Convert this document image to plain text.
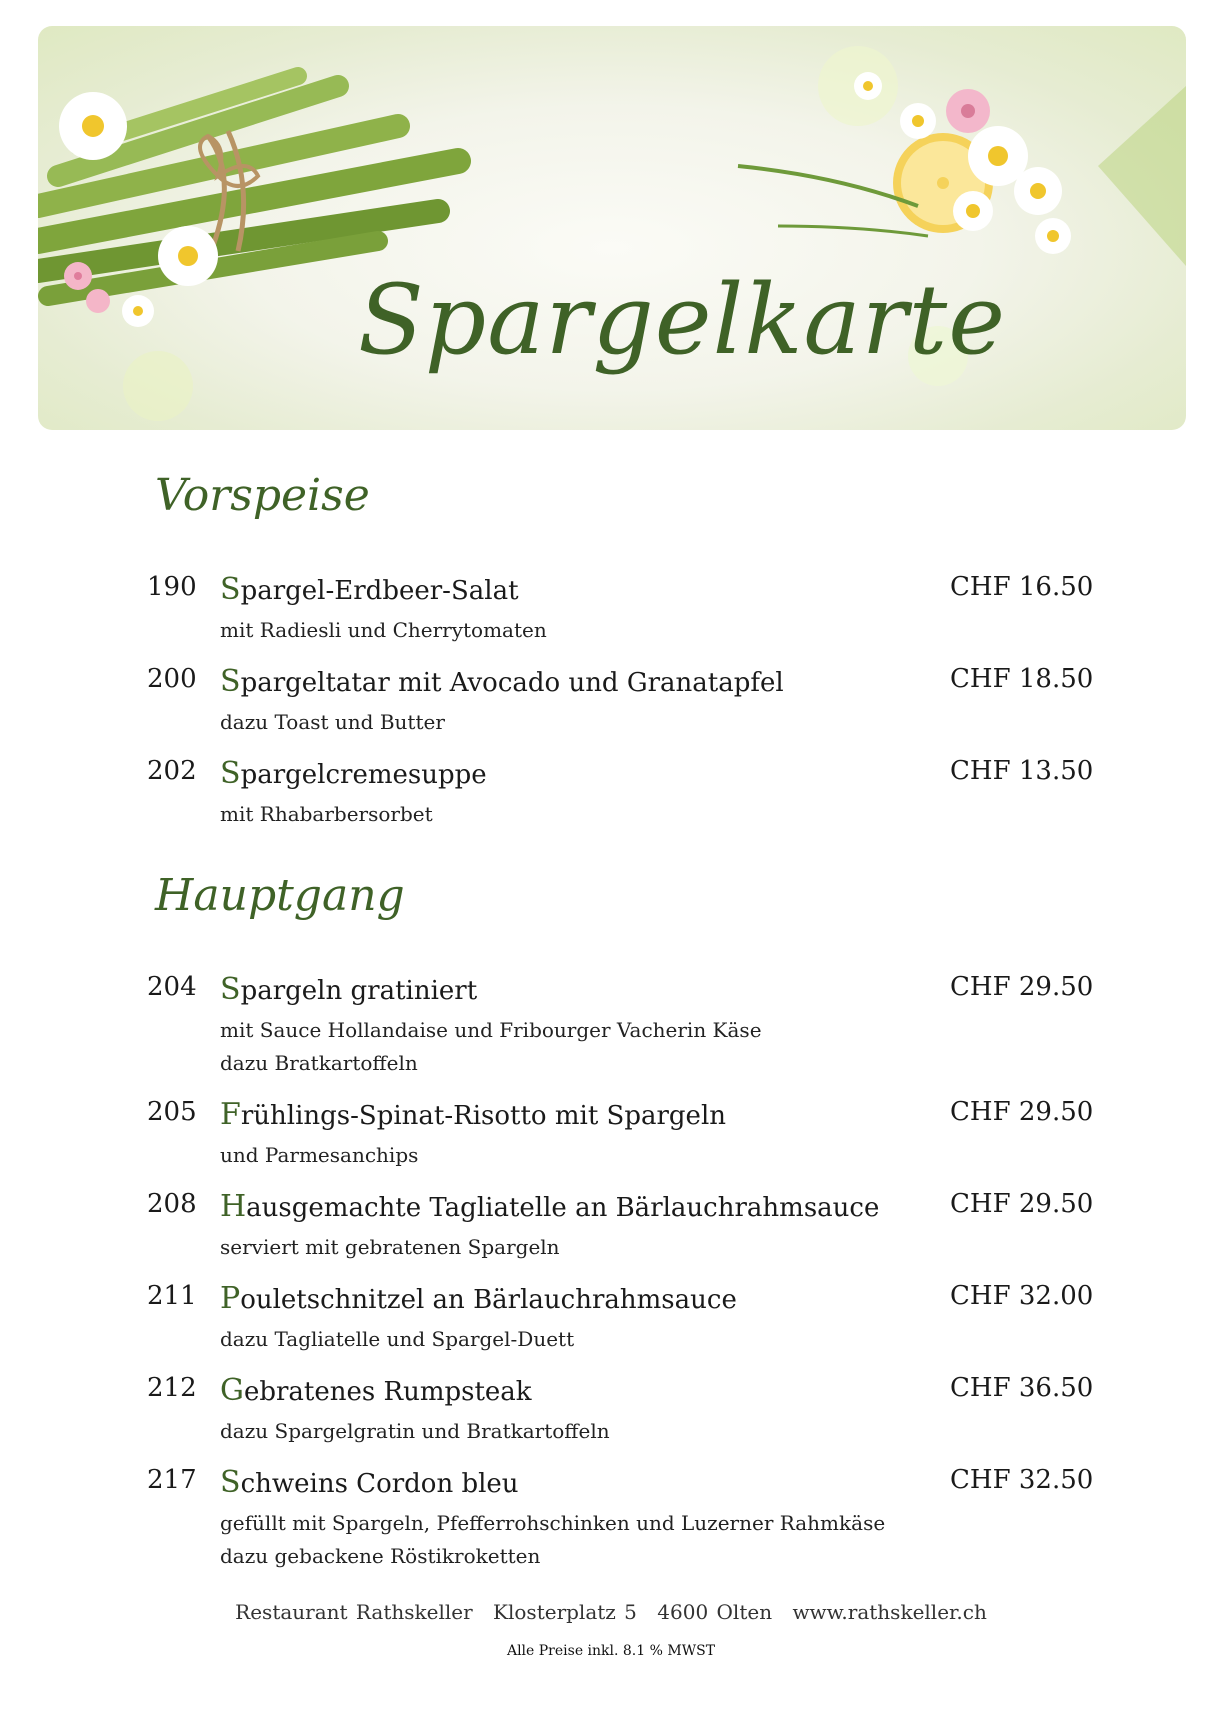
Spargelkarte
Vorspeise
190 Spargel-Erdbeer-Salat	CHF 16.50
mit Radiesli und Cherrytomaten
200 Spargeltatar mit Avocado und Granatapfel	CHF 18.50
dazu Toast und Butter
202 Spargelcremesuppe	CHF 13.50
mit Rhabarbersorbet
Hauptgang
204 Spargeln gratiniert	CHF 29.50
mit Sauce Hollandaise und Fribourger Vacherin Käse
dazu Bratkartoffeln
205 Frühlings-Spinat-Risotto mit Spargeln	CHF 29.50
und Parmesanchips
208 Hausgemachte Tagliatelle an Bärlauchrahmsauce	CHF 29.50
serviert mit gebratenen Spargeln
211 Pouletschnitzel an Bärlauchrahmsauce	CHF 32.00
dazu Tagliatelle und Spargel-Duett
212 Gebratenes Rumpsteak	CHF 36.50
dazu Spargelgratin und Bratkartoffeln
217 Schweins Cordon bleu	CHF 32.50
gefüllt mit Spargeln, Pfefferrohschinken und Luzerner Rahmkäse
dazu gebackene Röstikroketten
Restaurant Rathskeller Klosterplatz 5 4600 Olten www.rathskeller.ch
Alle Preise inkl. 8.1 % MWST
